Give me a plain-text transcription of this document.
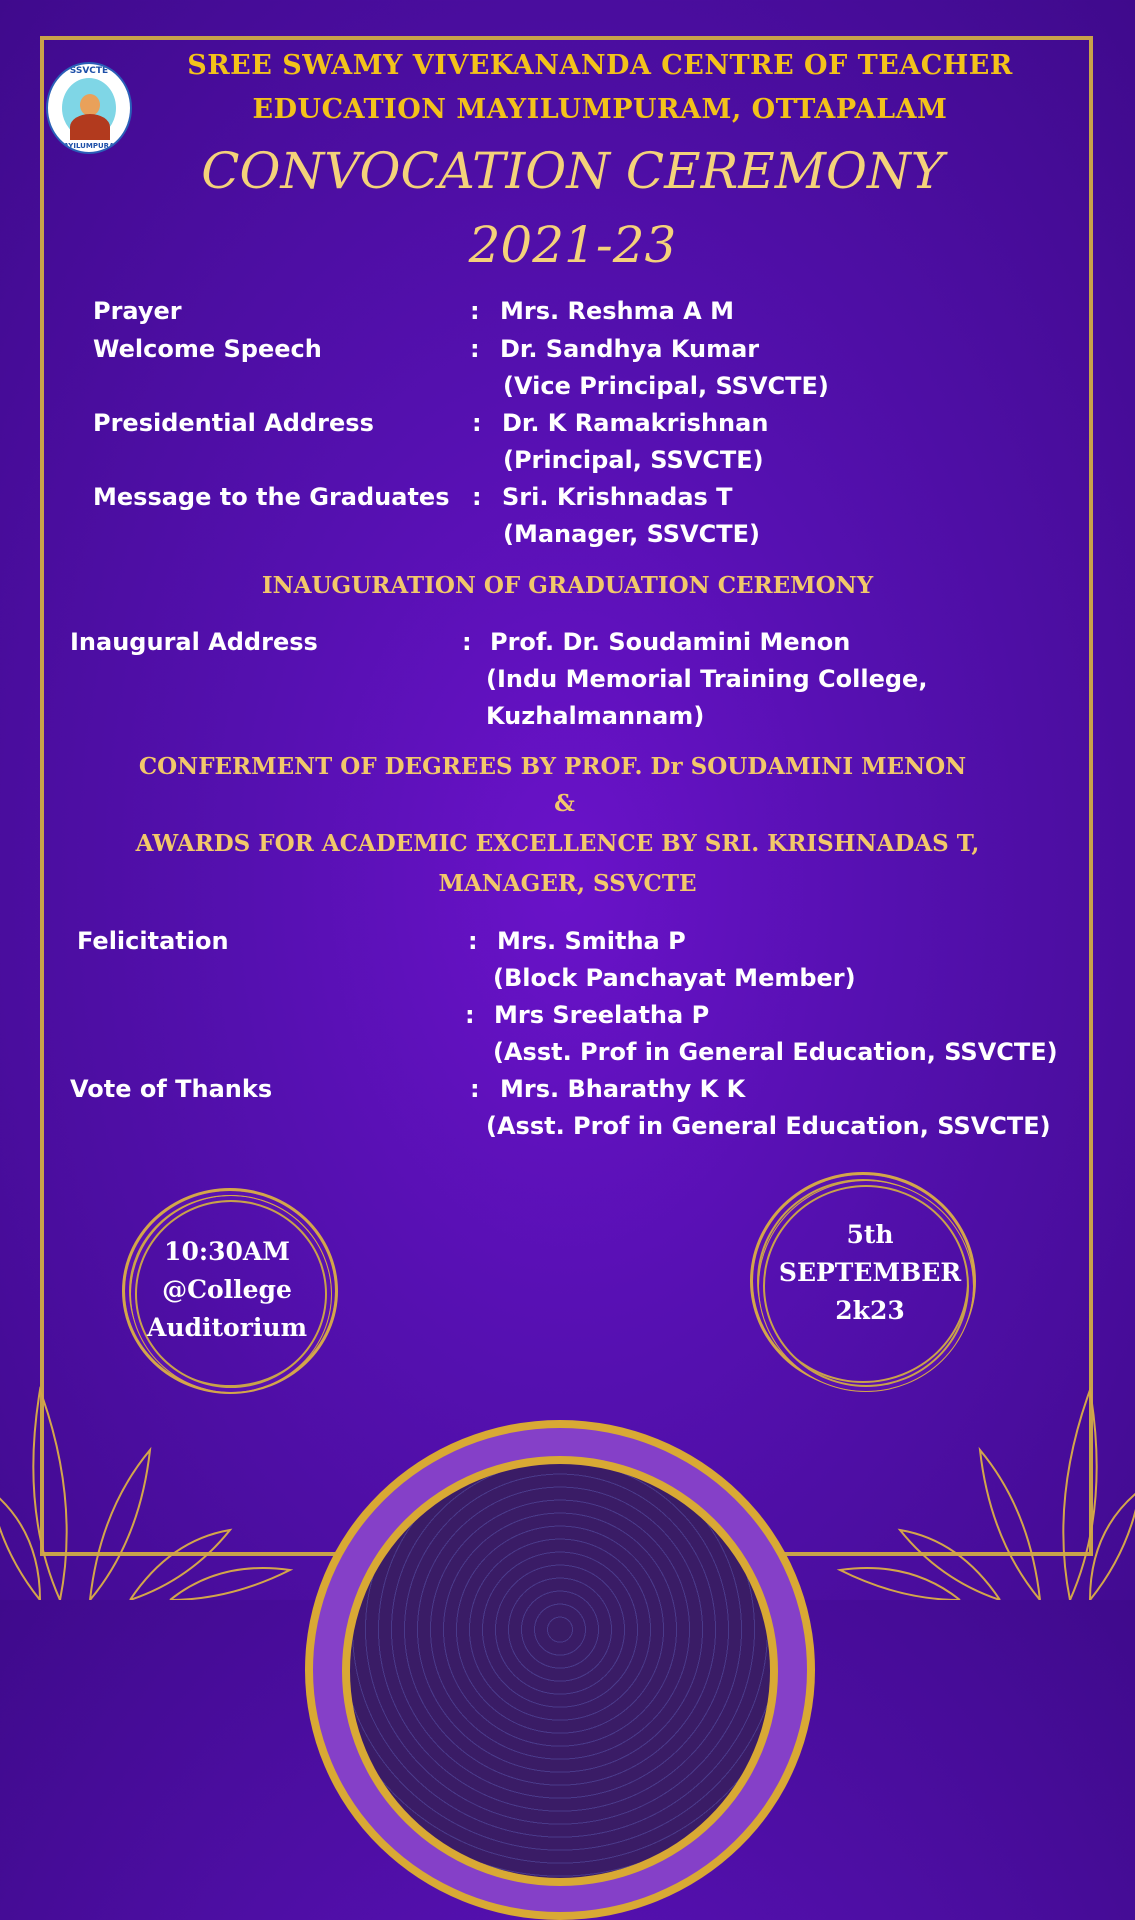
SSVCTE
MAYILUMPURAM
SREE SWAMY VIVEKANANDA CENTRE OF TEACHER
EDUCATION MAYILUMPURAM, OTTAPALAM
CONVOCATION CEREMONY
2021-23
Prayer	: Mrs. Reshma A M
Welcome Speech	: Dr. Sandhya Kumar
(Vice Principal, SSVCTE)
Presidential Address	: Dr. K Ramakrishnan
(Principal, SSVCTE)
Message to the Graduates : Sri. Krishnadas T
(Manager, SSVCTE)
INAUGURATION OF GRADUATION CEREMONY
Inaugural Address	: Prof. Dr. Soudamini Menon
(Indu Memorial Training College,
Kuzhalmannam)
CONFERMENT OF DEGREES BY PROF. Dr SOUDAMINI MENON
&
AWARDS FOR ACADEMIC EXCELLENCE BY SRI. KRISHNADAS T,
MANAGER, SSVCTE
Felicitation	: Mrs. Smitha P
(Block Panchayat Member)
: Mrs Sreelatha P
(Asst. Prof in General Education, SSVCTE)
Vote of Thanks	: Mrs. Bharathy K K
(Asst. Prof in General Education, SSVCTE)
10:30AM
@College
Auditorium
5th
SEPTEMBER
2k23
